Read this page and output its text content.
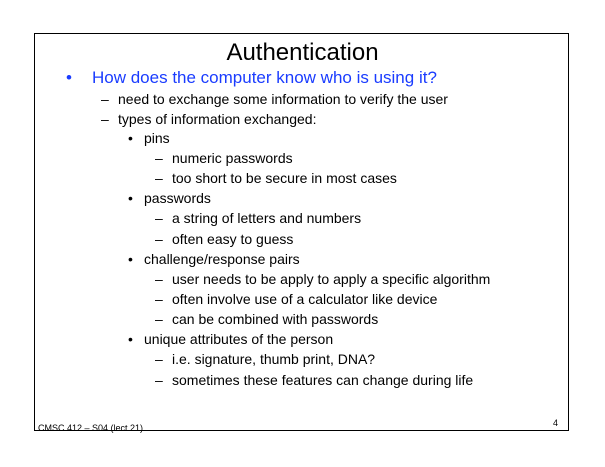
Authentication
• How does the computer know who is using it?
– need to exchange some information to verify the user
– types of information exchanged:
• pins
– numeric passwords
– too short to be secure in most cases
• passwords
– a string of letters and numbers
– often easy to guess
• challenge/response pairs
– user needs to be apply to apply a specific algorithm
– often involve use of a calculator like device
– can be combined with passwords
• unique attributes of the person
– i.e. signature, thumb print, DNA?
– sometimes these features can change during life
CMSC 412 – S04 (lect 21)	4
